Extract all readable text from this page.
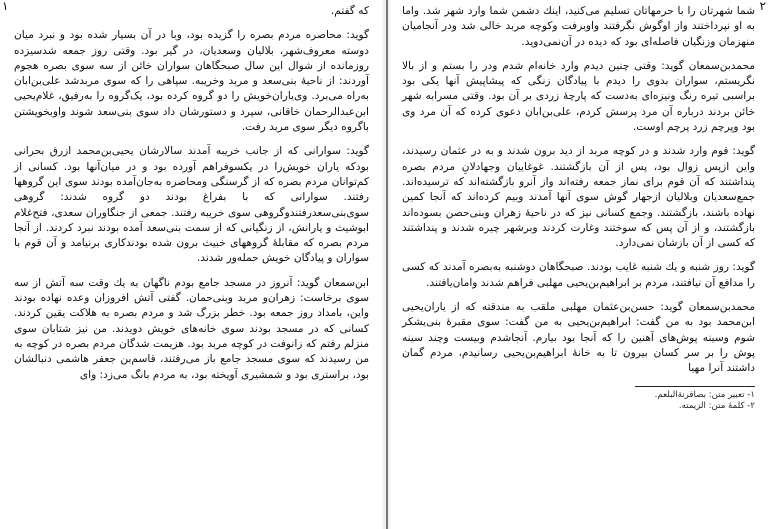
١	که گفتم.

گوید: محاصره مردم بصره را گزیده بود، وبا در آن بسیار شده بود و نبرد میان دوسته معروف‌شهر، بلالیان وسعدیان، در گیر بود. وقتی روز جمعه شدسیزده روزمانده از شوال این سال صبحگاهان سواران خائن از سه سوی بصره هجوم آوردند: از ناحیهٔ بنی‌سعد و مربد وخریبه. سپاهی را که سوی مربدشد علی‌بن‌ابان به‌راه می‌برد. وی‌یاران‌خویش را دو گروه کرده بود، یک‌گروه را به‌رفیق، غلام‌یحیی ابن‌عبدالرحمان خاقانی، سپرد و دستورشان داد سوی بنی‌سعد شوند واوبخویشتن باگروه دیگر سوی مربد رفت.

گوید: سوارانی که از جانب خریبه آمدند سالارشان یحیی‌بن‌محمد ازرق بحرانی بودکه یاران خویش‌را در یکسوفراهم آورده بود و در میان‌آنها بود. کسانی از کم‌توانان مردم بصره که از گرسنگی ومحاصره به‌جان‌آمده بودند سوی این گروهها رفتند. سوارانی که با بفراغ بودند دو گروه شدند: گروهی سوی‌بنی‌سعدرفتندوگروهی سوی خریبه رفتند. جمعی از جنگاوران سعدی، فتح‌غلام ابوشیث و یارانش، از زنگیانی که از سمت بنی‌سعد آمده بودند نبرد کردند. از آنجا مردم بصره که مقابلهٔ گروههای خبیث برون شده بودندکاری برنیامد و آن قوم با سواران و پیادگان خویش حمله‌ور شدند.

ابن‌سمعان گوید: آنروز در مسجد جامع بودم ناگهان به یك وقت سه آتش از سه سوی برخاست: زهران‌و مربد وبنی‌حمان. گفتی آتش افروزان وعده نهاده بودند واین، بامداد روز جمعه بود. خطر بزرگ شد و مردم بصره به هلاکت یقین کردند. کسانی که در مسجد بودند سوی خانه‌های خویش دویدند. من نیز شتابان سوی منزلم رفتم که زانوفت در کوچه مربد بود. هزیمت شدگان مردم بصره در کوچه به من رسیدند که سوی مسجد جامع باز می‌رفتند، قاسم‌بن جعفر هاشمی دنبالشان بود، براستری بود و شمشیری آویخته بود، به مردم بانگ می‌زد: وای

٢

شما شهرتان را با حرمهاتان تسلیم می‌کنید، اینك دشمن شما وارد شهر شد. واما به او نپرداختند واز اوگوش نگرفتند واوبرفت وکوچه مربد خالی شد ودر آنجامیان منهزمان وزنگیان فاصله‌ای بود که دیده در آن‌نمی‌دوید.

محمدبن‌سمعان گوید: وقتی چنین دیدم وارد خانه‌ام شدم ودر را بستم و از بالا نگریستم، سواران بدوی را دیدم با پیادگان زنگی که پیشاپیش آنها یکی بود براسبی تیره رنگ ونیزه‌ای به‌دست که پارچهٔ زردی بر آن بود. وقتی مسرابه شهر خائن بردند درباره آن مرد پرسش کردم، علی‌بن‌ابان دعوی کرده که آن مرد وی بود وپرچم زرد پرچم اوست.

گوید: قوم وارد شدند و در کوچه مربد از دید برون شدند و به در عثمان رسیدند، واین ازپس زوال بود، پس از آن بازگشتند. غوغاییان وجهادلانِ مردم بصره پنداشتند که آن قوم برای نماز جمعه رفته‌اند واز آنرو بازگشته‌اند که ترسیده‌اند. جمع‌سعدیان وبلالیان ازجهار گوش سوی آنها آمدند وبیم کرده‌اند که آنجا کمین نهاده باشند، بازگشتند. وجمع کسانی نیز که در ناحیهٔ زهران وبنی‌حصن بسوده‌اند بازگشتند، و از آن پس که سوختند وغارت کردند وبرشهر چیره شدند و پنداشتند که کسی از آن بازشان نمی‌دارد.

گوید: روز شنبه و یك شنبه غایب بودند. صبحگاهان دوشنبه به‌بصره آمدند که کسی را مدافع آن نیافتند، مردم بر ابراهیم‌بن‌یحیی مهلبی فراهم شدند وامان‌یافتند.

محمدبن‌سمعان گوید: حسن‌بن‌عثمان مهلبی ملقب به مندقته که از یاران‌یحیی ابن‌محمد بود به من گفت: ابراهیم‌بن‌یحیی به من گفت: سوی مقبرهٔ بنی‌یشکر شوم وسینه پوش‌های آهنین را که آنجا بود بیارم. آنجاشدم وبیست وچند سینه پوش را بر سر کسان بیرون تا به خانهٔ ابراهیم‌بن‌یحیی رسانیدم، مردم گمان داشتند آنرا مهیا

۱- تعبیر متن: بصاقرنة‌البلعم.

۲- کلمهٔ متن: الزیمته.
